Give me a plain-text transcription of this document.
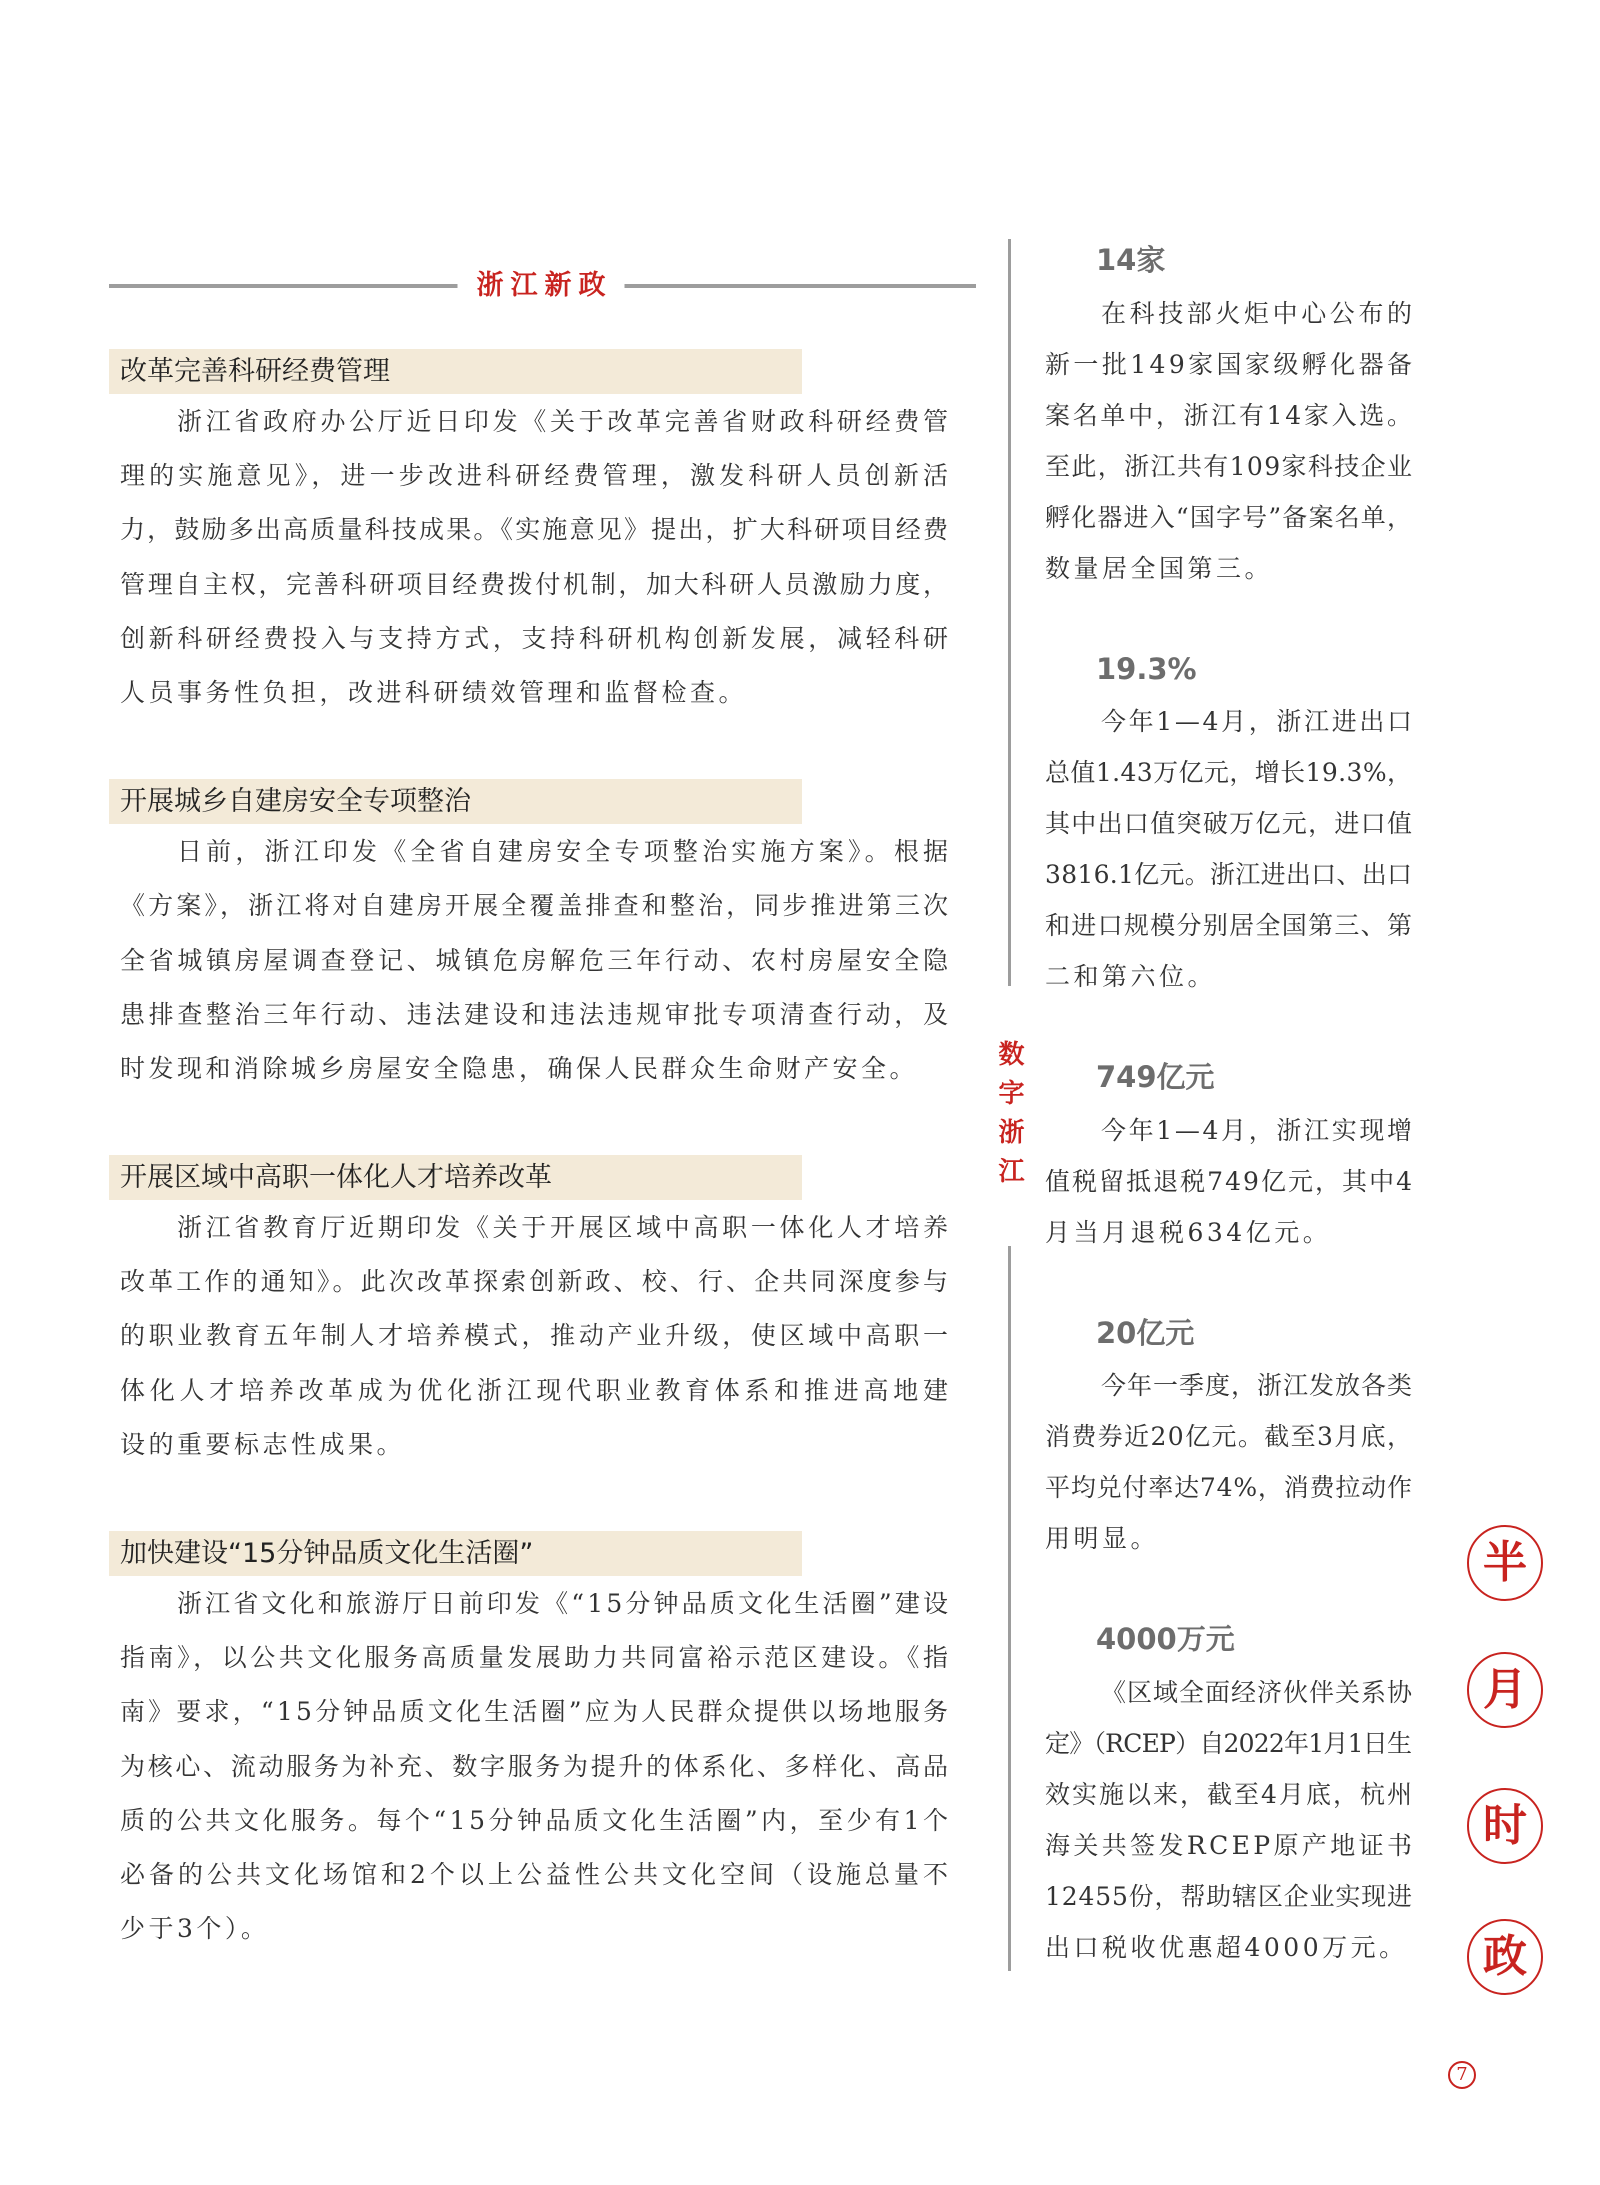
浙江新政
改革完善科研经费管理
浙江省政府办公厅近日印发《关于改革完善省财政科研经费管
理的实施意见》，进一步改进科研经费管理，激发科研人员创新活
力，鼓励多出高质量科技成果。《实施意见》提出，扩大科研项目经费
管理自主权，完善科研项目经费拨付机制，加大科研人员激励力度，
创新科研经费投入与支持方式，支持科研机构创新发展，减轻科研
人员事务性负担，改进科研绩效管理和监督检查。
开展城乡自建房安全专项整治
日前，浙江印发《全省自建房安全专项整治实施方案》。根据
《方案》，浙江将对自建房开展全覆盖排查和整治，同步推进第三次
全省城镇房屋调查登记、城镇危房解危三年行动、农村房屋安全隐
患排查整治三年行动、违法建设和违法违规审批专项清查行动，及
时发现和消除城乡房屋安全隐患，确保人民群众生命财产安全。
开展区域中高职一体化人才培养改革
浙江省教育厅近期印发《关于开展区域中高职一体化人才培养
改革工作的通知》。此次改革探索创新政、校、行、企共同深度参与
的职业教育五年制人才培养模式，推动产业升级，使区域中高职一
体化人才培养改革成为优化浙江现代职业教育体系和推进高地建
设的重要标志性成果。
加快建设“15分钟品质文化生活圈”
浙江省文化和旅游厅日前印发《“15分钟品质文化生活圈”建设
指南》，以公共文化服务高质量发展助力共同富裕示范区建设。《指
南》要求，“15分钟品质文化生活圈”应为人民群众提供以场地服务
为核心、流动服务为补充、数字服务为提升的体系化、多样化、高品
质的公共文化服务。每个“15分钟品质文化生活圈”内，至少有1个
必备的公共文化场馆和2个以上公益性公共文化空间（设施总量不
少于3个）。
数字浙江
14家
在科技部火炬中心公布的
新一批149家国家级孵化器备
案名单中，浙江有14家入选。
至此，浙江共有109家科技企业
孵化器进入“国字号”备案名单，
数量居全国第三。
19.3%
今年1—4月，浙江进出口
总值1.43万亿元，增长19.3%，
其中出口值突破万亿元，进口值
3816.1亿元。浙江进出口、出口
和进口规模分别居全国第三、第
二和第六位。
749亿元
今年1—4月，浙江实现增
值税留抵退税749亿元，其中4
月当月退税634亿元。
20亿元
今年一季度，浙江发放各类
消费券近20亿元。截至3月底，
平均兑付率达74%，消费拉动作
用明显。
4000万元
《区域全面经济伙伴关系协
定》（RCEP）自2022年1月1日生
效实施以来，截至4月底，杭州
海关共签发RCEP原产地证书
12455份，帮助辖区企业实现进
出口税收优惠超4000万元。
半
月
时
政
7
